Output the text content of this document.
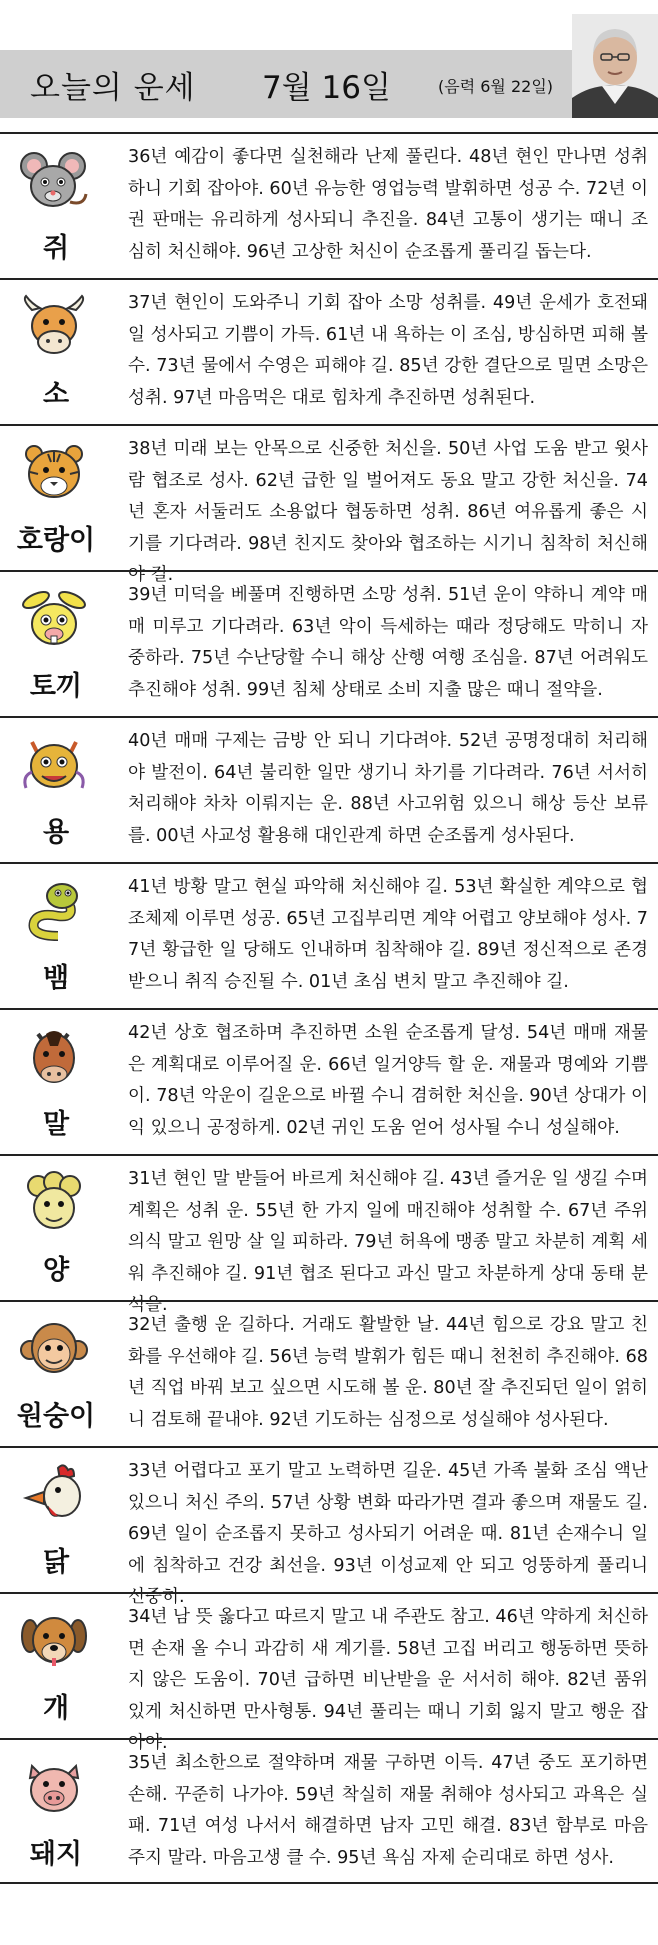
오늘의 운세 7월 16일	(음력 6월 22일)
쥐
36년 예감이 좋다면 실천해라 난제 풀린다. 48년 현인 만나면 성취하니 기회 잡아야. 60년 유능한 영업능력 발휘하면 성공 수. 72년 이권 판매는 유리하게 성사되니 추진을. 84년 고통이 생기는 때니 조심히 처신해야. 96년 고상한 처신이 순조롭게 풀리길 돕는다.
소
37년 현인이 도와주니 기회 잡아 소망 성취를. 49년 운세가 호전돼 일 성사되고 기쁨이 가득. 61년 내 욕하는 이 조심, 방심하면 피해 볼 수. 73년 물에서 수영은 피해야 길. 85년 강한 결단으로 밀면 소망은 성취. 97년 마음먹은 대로 힘차게 추진하면 성취된다.
호랑이
38년 미래 보는 안목으로 신중한 처신을. 50년 사업 도움 받고 윗사람 협조로 성사. 62년 급한 일 벌어져도 동요 말고 강한 처신을. 74년 혼자 서둘러도 소용없다 협동하면 성취. 86년 여유롭게 좋은 시기를 기다려라. 98년 친지도 찾아와 협조하는 시기니 침착히 처신해야 길.
토끼
39년 미덕을 베풀며 진행하면 소망 성취. 51년 운이 약하니 계약 매매 미루고 기다려라. 63년 악이 득세하는 때라 정당해도 막히니 자중하라. 75년 수난당할 수니 해상 산행 여행 조심을. 87년 어려워도 추진해야 성취. 99년 침체 상태로 소비 지출 많은 때니 절약을.
용
40년 매매 구제는 금방 안 되니 기다려야. 52년 공명정대히 처리해야 발전이. 64년 불리한 일만 생기니 차기를 기다려라. 76년 서서히 처리해야 차차 이뤄지는 운. 88년 사고위험 있으니 해상 등산 보류를. 00년 사교성 활용해 대인관계 하면 순조롭게 성사된다.
뱀
41년 방황 말고 현실 파악해 처신해야 길. 53년 확실한 계약으로 협조체제 이루면 성공. 65년 고집부리면 계약 어렵고 양보해야 성사. 77년 황급한 일 당해도 인내하며 침착해야 길. 89년 정신적으로 존경받으니 취직 승진될 수. 01년 초심 변치 말고 추진해야 길.
말
42년 상호 협조하며 추진하면 소원 순조롭게 달성. 54년 매매 재물은 계획대로 이루어질 운. 66년 일거양득 할 운. 재물과 명예와 기쁨이. 78년 악운이 길운으로 바뀔 수니 겸허한 처신을. 90년 상대가 이익 있으니 공정하게. 02년 귀인 도움 얻어 성사될 수니 성실해야.
양
31년 현인 말 받들어 바르게 처신해야 길. 43년 즐거운 일 생길 수며 계획은 성취 운. 55년 한 가지 일에 매진해야 성취할 수. 67년 주위 의식 말고 원망 살 일 피하라. 79년 허욕에 맹종 말고 차분히 계획 세워 추진해야 길. 91년 협조 된다고 과신 말고 차분하게 상대 동태 분석을.
원숭이
32년 출행 운 길하다. 거래도 활발한 날. 44년 힘으로 강요 말고 친화를 우선해야 길. 56년 능력 발휘가 힘든 때니 천천히 추진해야. 68년 직업 바꿔 보고 싶으면 시도해 볼 운. 80년 잘 추진되던 일이 얽히니 검토해 끝내야. 92년 기도하는 심정으로 성실해야 성사된다.
닭
33년 어렵다고 포기 말고 노력하면 길운. 45년 가족 불화 조심 액난 있으니 처신 주의. 57년 상황 변화 따라가면 결과 좋으며 재물도 길. 69년 일이 순조롭지 못하고 성사되기 어려운 때. 81년 손재수니 일에 침착하고 건강 최선을. 93년 이성교제 안 되고 엉뚱하게 풀리니 신중히.
개
34년 남 뜻 옳다고 따르지 말고 내 주관도 참고. 46년 약하게 처신하면 손재 올 수니 과감히 새 계기를. 58년 고집 버리고 행동하면 뜻하지 않은 도움이. 70년 급하면 비난받을 운 서서히 해야. 82년 품위 있게 처신하면 만사형통. 94년 풀리는 때니 기회 잃지 말고 행운 잡아야.
돼지
35년 최소한으로 절약하며 재물 구하면 이득. 47년 중도 포기하면 손해. 꾸준히 나가야. 59년 착실히 재물 취해야 성사되고 과욕은 실패. 71년 여성 나서서 해결하면 남자 고민 해결. 83년 함부로 마음 주지 말라. 마음고생 클 수. 95년 욕심 자제 순리대로 하면 성사.
